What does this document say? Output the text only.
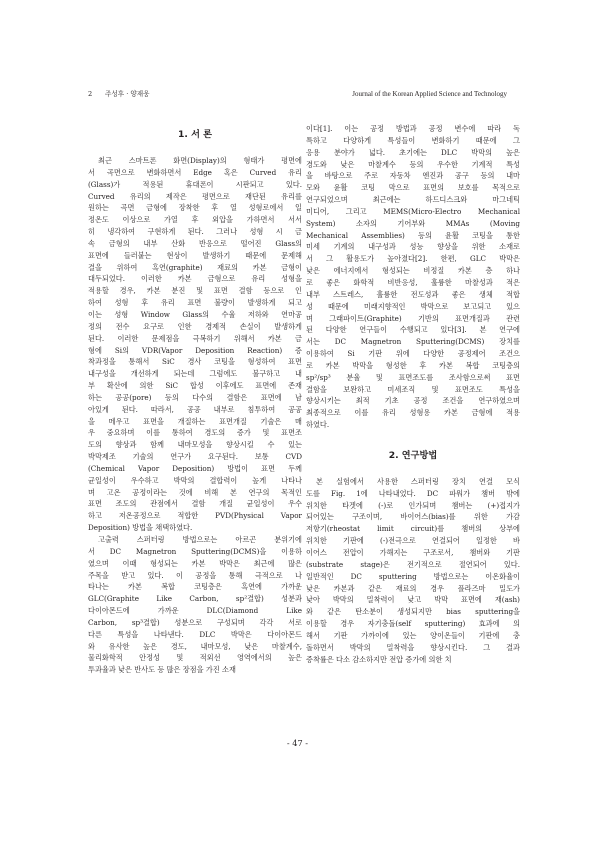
2 주성후 · 양재웅	Journal of the Korean Applied Science and Technology
1. 서 론

최근 스마트폰 화면(Display)의 형태가 평면에
서 곡면으로 변화하면서 Edge 혹은 Curved 유리
(Glass)가 적용된 휴대폰이 시판되고 있다.
Curved 유리의 제작은 평면으로 재단된 유리를
원하는 곡면 금형에 장착한 후 열 성형로에서 일
정온도 이상으로 가열 후 외압을 가하면서 서서
히 냉각하여 구현하게 된다. 그러나 성형 시 금
속 금형의 내부 산화 반응으로 떨어진 Glass의
표면에 들러붙는 현상이 발생하기 때문에 문제해
결을 위하여 흑연(graphite) 재료의 카본 금형이
대두되었다. 이러한 카본 금형으로 유리 성형을
적용할 경우, 카본 분진 및 표면 결함 등으로 인
하여 성형 후 유리 표면 불량이 발생하게 되고
이는 성형 Window Glass의 수율 저하와 연마공
정의 전수 요구로 인한 경제적 손실이 발생하게
된다. 이러한 문제점을 극복하기 위해서 카본 금
형에 Si의 VDR(Vapor Deposition Reaction) 증
착과정을 통해서 SiC 경사 코팅을 형성하여 표면
내구성을 개선하게 되는데 그럼에도 불구하고 내
부 확산에 의한 SiC 합성 이후에도 표면에 존재
하는 공공(pore) 등의 다수의 결함은 표면에 남
아있게 된다. 따라서, 공공 내부로 침투하여 공공
을 메우고 표면을 개질하는 표면개질 기술은 매
우 중요하며 이를 통하여 경도의 증가 및 표면조
도의 향상과 함께 내마모성을 향상시킬 수 있는
박막제조 기술의 연구가 요구된다. 보통 CVD
(Chemical Vapor Deposition) 방법이 표면 두께
균일성이 우수하고 박막의 결합력이 높게 나타나
며 고온 공정이라는 것에 비해 본 연구의 목적인
표면 조도의 관점에서 결함 개질 균일성이 우수
하고 저온공정으로 적합한 PVD(Physical Vapor
Deposition) 방법을 채택하였다.

고출력 스퍼터링 방법으로는 아르곤 분위기에
서 DC Magnetron Sputtering(DCMS)을 이용하
였으며 이때 형성되는 카본 박막은 최근에 많은
주목을 받고 있다. 이 공정을 통해 극적으로 나
타나는 카본 복합 코팅층은 흑연에 가까운
GLC(Graphite Like Carbon, sp²결합) 성분과
다이아몬드에 가까운 DLC(Diamond Like
Carbon, sp³결합) 성분으로 구성되며 각각 서로
다른 특성을 나타낸다. DLC 박막은 다이아몬드
와 유사한 높은 경도, 내마모성, 낮은 마찰계수,
물리화학적 안정성 및 적외선 영역에서의 높은
투과율과 낮은 반사도 등 많은 장점을 가진 소재

이다[1]. 이는 공정 방법과 공정 변수에 따라 독
특하고 다양하게 특성들이 변화하기 때문에 그
응용 분야가 넓다. 초기에는 DLC 박막의 높은
경도와 낮은 마찰계수 등의 우수한 기계적 특성
을 바탕으로 주로 자동차 엔진과 공구 등의 내마
모와 윤활 코팅 막으로 표면의 보호를 목적으로
연구되었으며 최근에는 하드디스크와 마그네틱
미디어, 그리고 MEMS(Micro-Electro Mechanical
System) 소자의 기어부와 MMAs (Moving
Mechanical Assemblies) 등의 윤활 코팅을 통한
미세 기계의 내구성과 성능 향상을 위한 소재로
서 그 활용도가 높아졌다[2]. 한편, GLC 박막은
낮은 에너지에서 형성되는 비정질 카본 층 하나
로 좋은 화학적 비반응성, 훌륭한 마찰성과 적은
내부 스트레스, 훌륭한 전도성과 좋은 생체 적합
성 때문에 미래지향적인 박막으로 보고되고 있으
며 그래파이트(Graphite) 기반의 표면개질과 관련
된 다양한 연구들이 수행되고 있다[3]. 본 연구에
서는 DC Magnetron Sputtering(DCMS) 장치를
이용하여 Si 기판 위에 다양한 공정제어 조건으
로 카본 박막을 형성한 후 카본 복합 코팅층의
sp²/sp³ 분율 및 표면조도를 조사함으로써 표면
결함을 보완하고 미세조직 및 표면조도 특성을
향상시키는 최적 기초 공정 조건을 연구하였으며
최종적으로 이를 유리 성형용 카본 금형에 적용
하였다.

2. 연구방법

본 실험에서 사용한 스퍼터링 장치 연결 모식
도를 Fig. 1에 나타내었다. DC 파워가 챔버 밖에
위치한 타겟에 (-)로 인가되며 챔버는 (+)접지가
되어있는 구조이며, 바이어스(bias)를 위한 가감
저항기(rheostat limit circuit)를 챔버의 상부에
위치한 기판에 (-)전극으로 연결되어 일정한 바
이어스 전압이 가해지는 구조로서, 챔버와 기판
(substrate stage)은 전기적으로 절연되어 있다.
일반적인 DC sputtering 방법으로는 이온화율이
낮은 카본과 같은 재료의 경우 플라즈마 밀도가
낮아 박막의 밀착력이 낮고 박막 표면에 재(ash)
와 같은 탄소분이 생성되지만 bias sputtering을
이용할 경우 자기충돌(self sputtering) 효과에 의
해서 기판 가까이에 있는 양이온들이 기판에 충
돌하면서 박막의 밀착력을 향상시킨다. 그 결과
증착률은 다소 감소하지만 전압 증가에 의한 치

- 47 -
